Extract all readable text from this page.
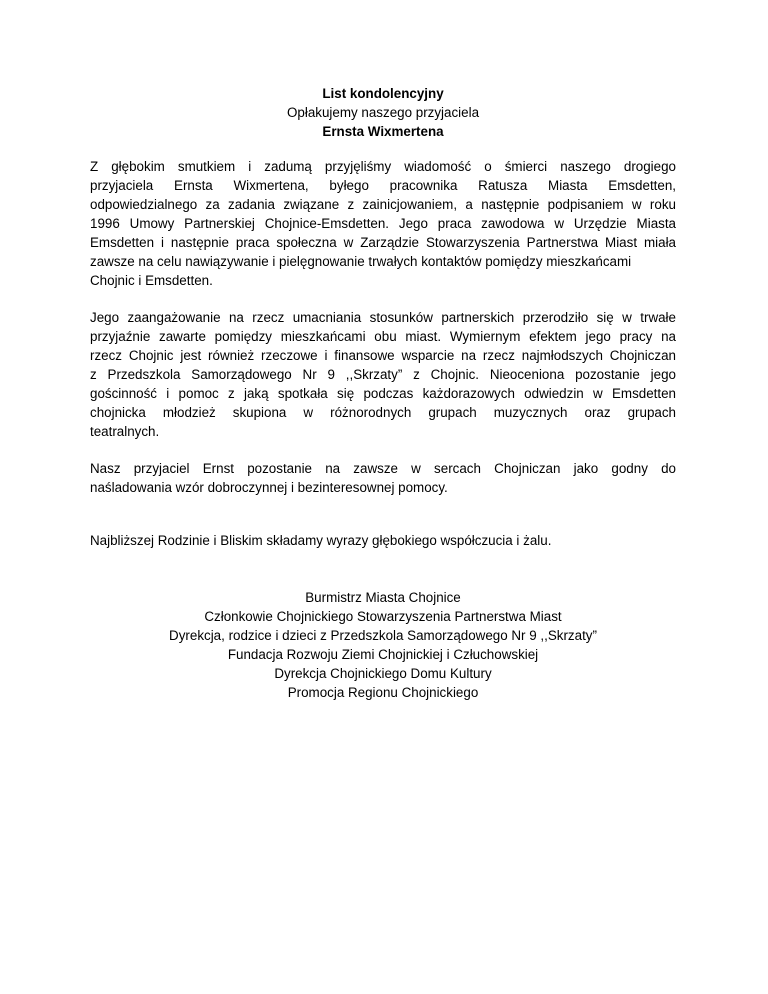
List kondolencyjny
Opłakujemy naszego przyjaciela
Ernsta Wixmertena
Z głębokim smutkiem i zadumą przyjęliśmy wiadomość o śmierci naszego drogiego
przyjaciela Ernsta Wixmertena, byłego pracownika Ratusza Miasta Emsdetten,
odpowiedzialnego za zadania związane z zainicjowaniem, a następnie podpisaniem w roku
1996 Umowy Partnerskiej Chojnice-Emsdetten. Jego praca zawodowa w Urzędzie Miasta
Emsdetten i następnie praca społeczna w Zarządzie Stowarzyszenia Partnerstwa Miast miała
zawsze na celu nawiązywanie i pielęgnowanie trwałych kontaktów pomiędzy mieszkańcami
Chojnic i Emsdetten.
Jego zaangażowanie na rzecz umacniania stosunków partnerskich przerodziło się w trwałe
przyjaźnie zawarte pomiędzy mieszkańcami obu miast. Wymiernym efektem jego pracy na
rzecz Chojnic jest również rzeczowe i finansowe wsparcie na rzecz najmłodszych Chojniczan
z Przedszkola Samorządowego Nr 9 ,,Skrzaty” z Chojnic. Nieoceniona pozostanie jego
gościnność i pomoc z jaką spotkała się podczas każdorazowych odwiedzin w Emsdetten
chojnicka młodzież skupiona w różnorodnych grupach muzycznych oraz grupach
teatralnych.
Nasz przyjaciel Ernst pozostanie na zawsze w sercach Chojniczan jako godny do
naśladowania wzór dobroczynnej i bezinteresownej pomocy.
Najbliższej Rodzinie i Bliskim składamy wyrazy głębokiego współczucia i żalu.
Burmistrz Miasta Chojnice
Członkowie Chojnickiego Stowarzyszenia Partnerstwa Miast
Dyrekcja, rodzice i dzieci z Przedszkola Samorządowego Nr 9 ,,Skrzaty”
Fundacja Rozwoju Ziemi Chojnickiej i Człuchowskiej
Dyrekcja Chojnickiego Domu Kultury
Promocja Regionu Chojnickiego
